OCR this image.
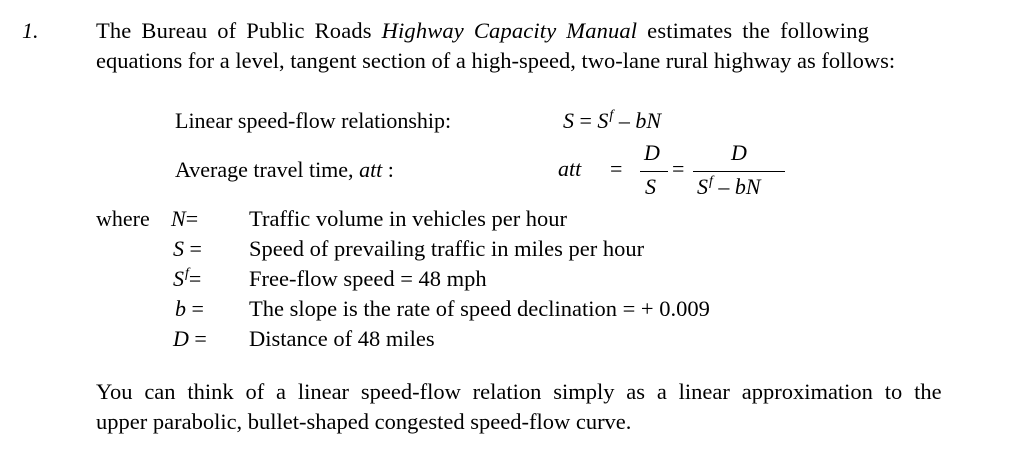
1.	The Bureau of Public Roads Highway Capacity Manual estimates the following
equations for a level, tangent section of a high-speed, two-lane rural highway as follows:
Linear speed-flow relationship:
Average travel time, att :
$S = S^f$ – bN
att =
D
S
=
D
$S^f$ – bN
where N= Traffic volume in vehicles per hour
S = Speed of prevailing traffic in miles per hour
$S^f=$ Free-flow speed = 48 mph
b = The slope is the rate of speed declination = + 0.009
D = Distance of 48 miles
You can think of a linear speed-flow relation simply as a linear approximation to the
upper parabolic, bullet-shaped congested speed-flow curve.
